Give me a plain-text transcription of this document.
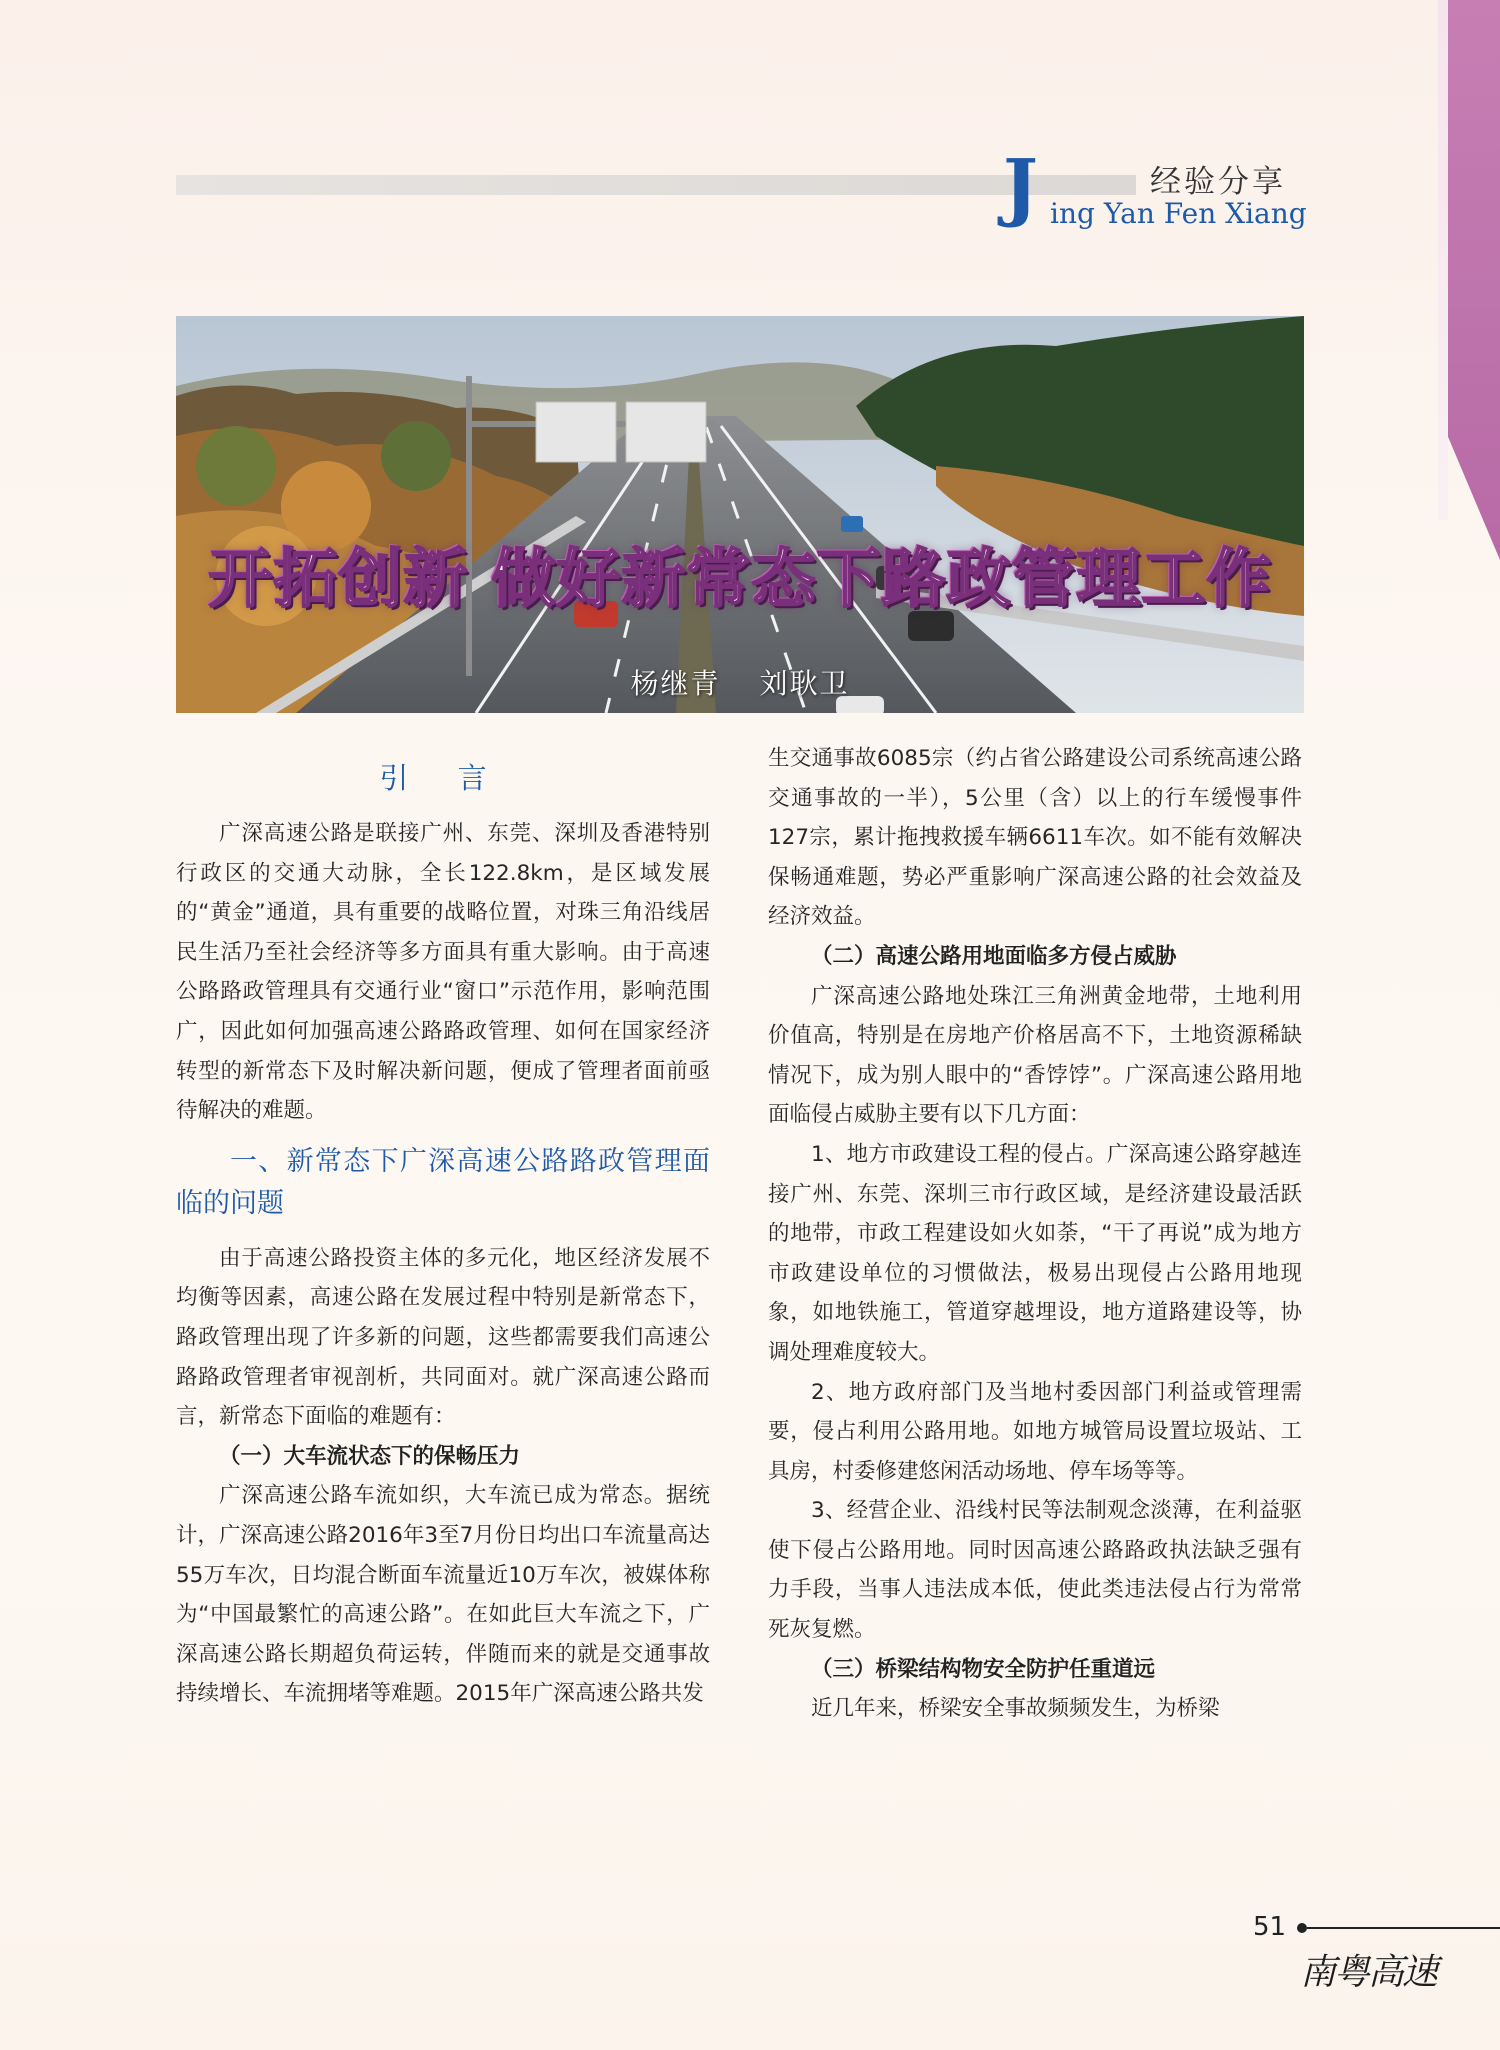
J	经验分享
ing Yan Fen Xiang
开拓创新 做好新常态下路政管理工作
杨继青 刘耿卫
引 言

广深高速公路是联接广州、东莞、深圳及香港特别行政区的交通大动脉，全长122.8km，是区域发展的“黄金”通道，具有重要的战略位置，对珠三角沿线居民生活乃至社会经济等多方面具有重大影响。由于高速公路路政管理具有交通行业“窗口”示范作用，影响范围广，因此如何加强高速公路路政管理、如何在国家经济转型的新常态下及时解决新问题，便成了管理者面前亟待解决的难题。

一、新常态下广深高速公路路政管理面临的问题

由于高速公路投资主体的多元化，地区经济发展不均衡等因素，高速公路在发展过程中特别是新常态下，路政管理出现了许多新的问题，这些都需要我们高速公路路政管理者审视剖析，共同面对。就广深高速公路而言，新常态下面临的难题有：

（一）大车流状态下的保畅压力

广深高速公路车流如织，大车流已成为常态。据统计，广深高速公路2016年3至7月份日均出口车流量高达55万车次，日均混合断面车流量近10万车次，被媒体称为“中国最繁忙的高速公路”。在如此巨大车流之下，广深高速公路长期超负荷运转，伴随而来的就是交通事故持续增长、车流拥堵等难题。2015年广深高速公路共发

生交通事故6085宗（约占省公路建设公司系统高速公路交通事故的一半），5公里（含）以上的行车缓慢事件127宗，累计拖拽救援车辆6611车次。如不能有效解决保畅通难题，势必严重影响广深高速公路的社会效益及经济效益。

（二）高速公路用地面临多方侵占威胁

广深高速公路地处珠江三角洲黄金地带，土地利用价值高，特别是在房地产价格居高不下，土地资源稀缺情况下，成为别人眼中的“香饽饽”。广深高速公路用地面临侵占威胁主要有以下几方面：

1、地方市政建设工程的侵占。广深高速公路穿越连接广州、东莞、深圳三市行政区域，是经济建设最活跃的地带，市政工程建设如火如荼，“干了再说”成为地方市政建设单位的习惯做法，极易出现侵占公路用地现象，如地铁施工，管道穿越埋设，地方道路建设等，协调处理难度较大。

2、地方政府部门及当地村委因部门利益或管理需要，侵占利用公路用地。如地方城管局设置垃圾站、工具房，村委修建悠闲活动场地、停车场等等。

3、经营企业、沿线村民等法制观念淡薄，在利益驱使下侵占公路用地。同时因高速公路路政执法缺乏强有力手段，当事人违法成本低，使此类违法侵占行为常常死灰复燃。

（三）桥梁结构物安全防护任重道远

近几年来，桥梁安全事故频频发生，为桥梁

51
南粤高速
